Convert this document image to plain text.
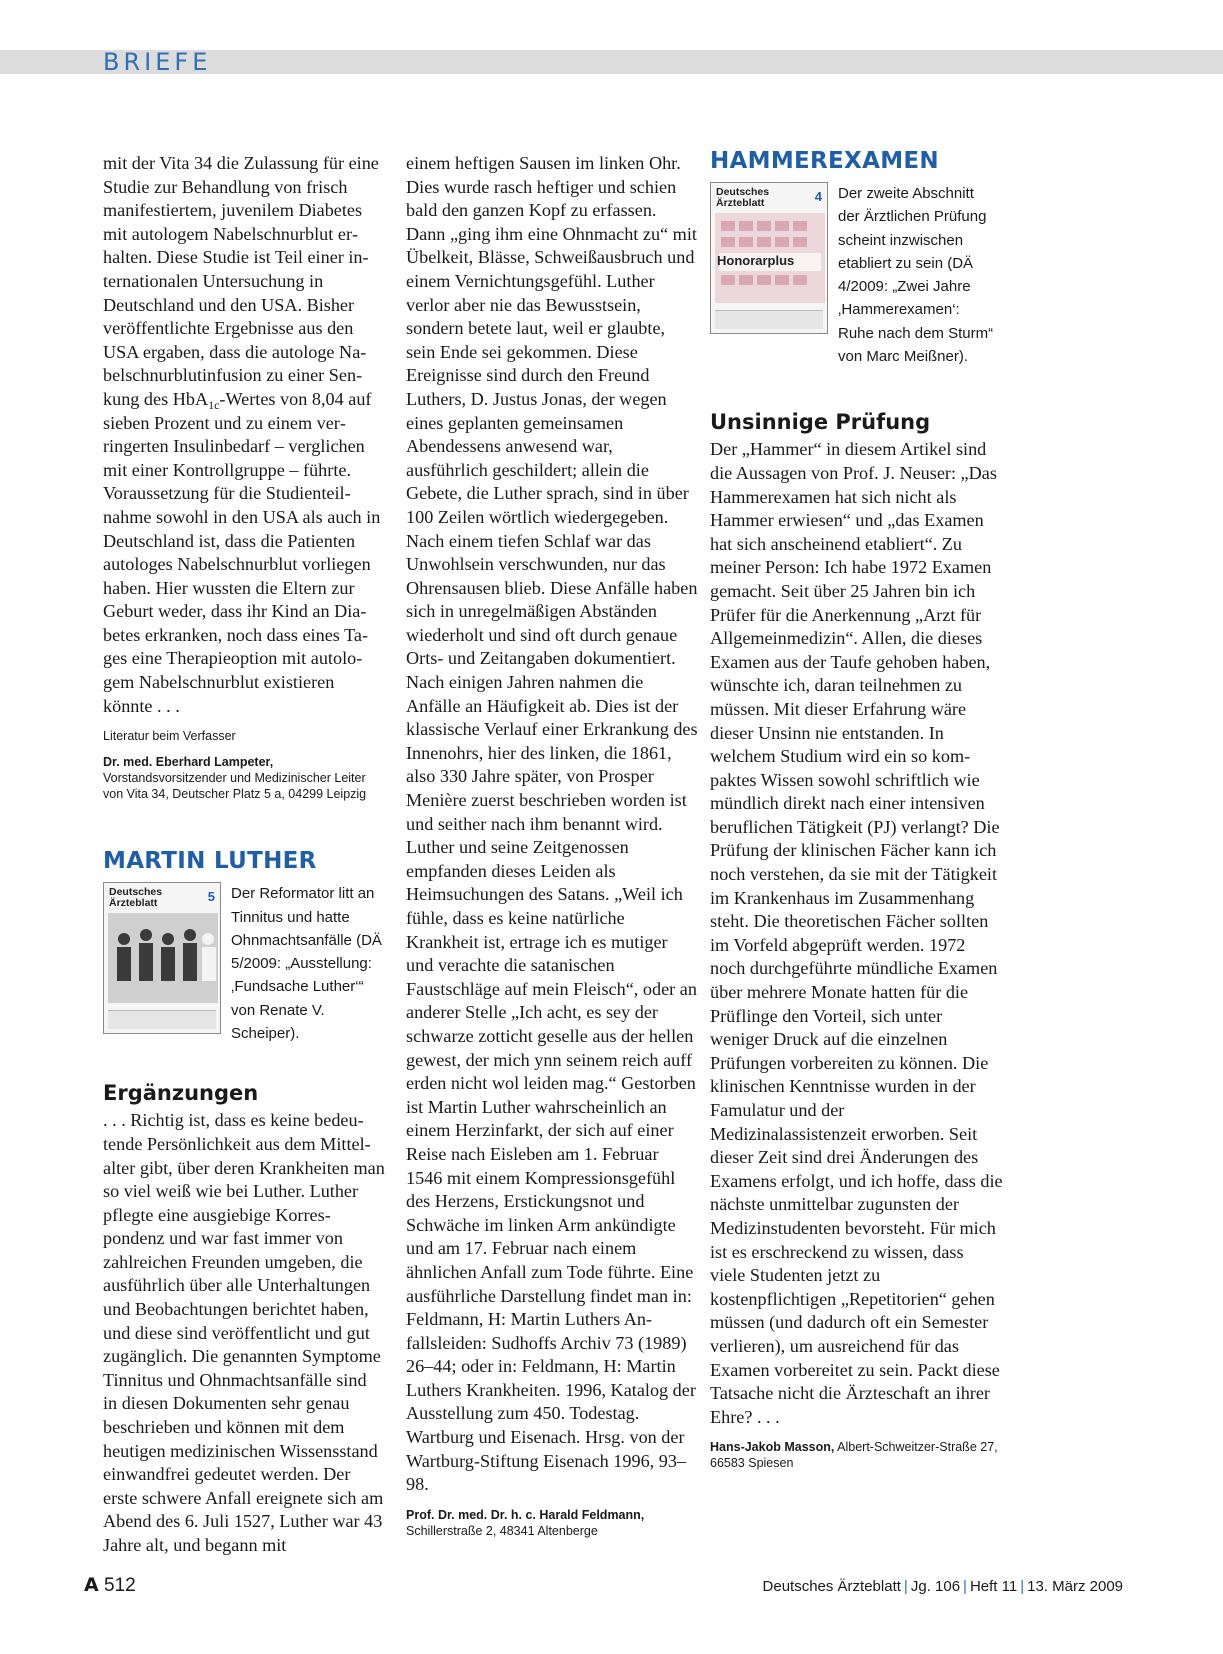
BRIEFE

mit der Vita 34 die Zulassung für eine Studie zur Behandlung von frisch manifestiertem, juvenilem Diabetes mit autologem Nabelschnurblut erhalten. Diese Studie ist Teil einer internationalen Untersuchung in Deutschland und den USA. Bisher veröffentlichte Ergebnisse aus den USA ergaben, dass die autologe Nabelschnurblutinfusion zu einer Senkung des HbA$_{1c}$-Wertes von 8,04 auf sieben Prozent und zu einem verringerten Insulinbedarf – verglichen mit einer Kontrollgruppe – führte. Voraussetzung für die Studienteilnahme sowohl in den USA als auch in Deutschland ist, dass die Patienten autologes Nabelschnurblut vorliegen haben. Hier wussten die Eltern zur Geburt weder, dass ihr Kind an Diabetes erkranken, noch dass eines Tages eine Therapieoption mit autologem Nabelschnurblut existieren könnte . . .

Literatur beim Verfasser

Dr. med. Eberhard Lampeter,
Vorstandsvorsitzender und Medizinischer Leiter von Vita 34, Deutscher Platz 5 a, 04299 Leipzig

MARTIN LUTHER
Deutsches Ärzteblatt	5 Der Reformator litt an Tinnitus und hatte Ohnmachtsanfälle (DÄ 5/2009: „Ausstellung: ‚Fundsache Luther‘“ von Renate V. Scheiper).

Ergänzungen

. . . Richtig ist, dass es keine bedeutende Persönlichkeit aus dem Mittelalter gibt, über deren Krankheiten man so viel weiß wie bei Luther. Luther pflegte eine ausgiebige Korrespondenz und war fast immer von zahlreichen Freunden umgeben, die ausführlich über alle Unterhaltungen und Beobachtungen berichtet haben, und diese sind veröffentlicht und gut zugänglich. Die genannten Symptome Tinnitus und Ohnmachtsanfälle sind in diesen Dokumenten sehr genau beschrieben und können mit dem heutigen medizinischen Wissensstand einwandfrei gedeutet werden. Der erste schwere Anfall ereignete sich am Abend des 6. Juli 1527, Luther war 43 Jahre alt, und begann mit

einem heftigen Sausen im linken Ohr. Dies wurde rasch heftiger und schien bald den ganzen Kopf zu erfassen. Dann „ging ihm eine Ohnmacht zu“ mit Übelkeit, Blässe, Schweißausbruch und einem Vernichtungsgefühl. Luther verlor aber nie das Bewusstsein, sondern betete laut, weil er glaubte, sein Ende sei gekommen. Diese Ereignisse sind durch den Freund Luthers, D. Justus Jonas, der wegen eines geplanten gemeinsamen Abendessens anwesend war, ausführlich geschildert; allein die Gebete, die Luther sprach, sind in über 100 Zeilen wörtlich wiedergegeben. Nach einem tiefen Schlaf war das Unwohlsein verschwunden, nur das Ohrensausen blieb. Diese Anfälle haben sich in unregelmäßigen Abständen wiederholt und sind oft durch genaue Orts- und Zeitangaben dokumentiert. Nach einigen Jahren nahmen die Anfälle an Häufigkeit ab. Dies ist der klassische Verlauf einer Erkrankung des Innenohrs, hier des linken, die 1861, also 330 Jahre später, von Prosper Menière zuerst beschrieben worden ist und seither nach ihm benannt wird. Luther und seine Zeitgenossen empfanden dieses Leiden als Heimsuchungen des Satans. „Weil ich fühle, dass es keine natürliche Krankheit ist, ertrage ich es mutiger und verachte die satanischen Faustschläge auf mein Fleisch“, oder an anderer Stelle „Ich acht, es sey der schwarze zotticht geselle aus der hellen gewest, der mich ynn seinem reich auff erden nicht wol leiden mag.“ Gestorben ist Martin Luther wahrscheinlich an einem Herzinfarkt, der sich auf einer Reise nach Eisleben am 1. Februar 1546 mit einem Kompressionsgefühl des Herzens, Erstickungsnot und Schwäche im linken Arm ankündigte und am 17. Februar nach einem ähnlichen Anfall zum Tode führte. Eine ausführliche Darstellung findet man in: Feldmann, H: Martin Luthers Anfallsleiden: Sudhoffs Archiv 73 (1989) 26–44; oder in: Feldmann, H: Martin Luthers Krankheiten. 1996, Katalog der Ausstellung zum 450. Todestag. Wartburg und Eisenach. Hrsg. von der Wartburg-Stiftung Eisenach 1996, 93–98.

Prof. Dr. med. Dr. h. c. Harald Feldmann,
Schillerstraße 2, 48341 Altenberge

HAMMEREXAMEN
Deutsches Ärzteblatt	4
Honorarplus

Der zweite Abschnitt der Ärztlichen Prüfung scheint inzwischen etabliert zu sein (DÄ 4/2009: „Zwei Jahre ‚Hammerexamen‘: Ruhe nach dem Sturm“ von Marc Meißner).

Unsinnige Prüfung

Der „Hammer“ in diesem Artikel sind die Aussagen von Prof. J. Neuser: „Das Hammerexamen hat sich nicht als Hammer erwiesen“ und „das Examen hat sich anscheinend etabliert“. Zu meiner Person: Ich habe 1972 Examen gemacht. Seit über 25 Jahren bin ich Prüfer für die Anerkennung „Arzt für Allgemeinmedizin“. Allen, die dieses Examen aus der Taufe gehoben haben, wünschte ich, daran teilnehmen zu müssen. Mit dieser Erfahrung wäre dieser Unsinn nie entstanden. In welchem Studium wird ein so kompaktes Wissen sowohl schriftlich wie mündlich direkt nach einer intensiven beruflichen Tätigkeit (PJ) verlangt? Die Prüfung der klinischen Fächer kann ich noch verstehen, da sie mit der Tätigkeit im Krankenhaus im Zusammenhang steht. Die theoretischen Fächer sollten im Vorfeld abgeprüft werden. 1972 noch durchgeführte mündliche Examen über mehrere Monate hatten für die Prüflinge den Vorteil, sich unter weniger Druck auf die einzelnen Prüfungen vorbereiten zu können. Die klinischen Kenntnisse wurden in der Famulatur und der Medizinalassistenzeit erworben. Seit dieser Zeit sind drei Änderungen des Examens erfolgt, und ich hoffe, dass die nächste unmittelbar zugunsten der Medizinstudenten bevorsteht. Für mich ist es erschreckend zu wissen, dass viele Studenten jetzt zu kostenpflichtigen „Repetitorien“ gehen müssen (und dadurch oft ein Semester verlieren), um ausreichend für das Examen vorbereitet zu sein. Packt diese Tatsache nicht die Ärzteschaft an ihrer Ehre? . . .

Hans-Jakob Masson, Albert-Schweitzer-Straße 27, 66583 Spiesen

A 512	Deutsches Ärzteblatt | Jg. 106 | Heft 11 | 13. März 2009
